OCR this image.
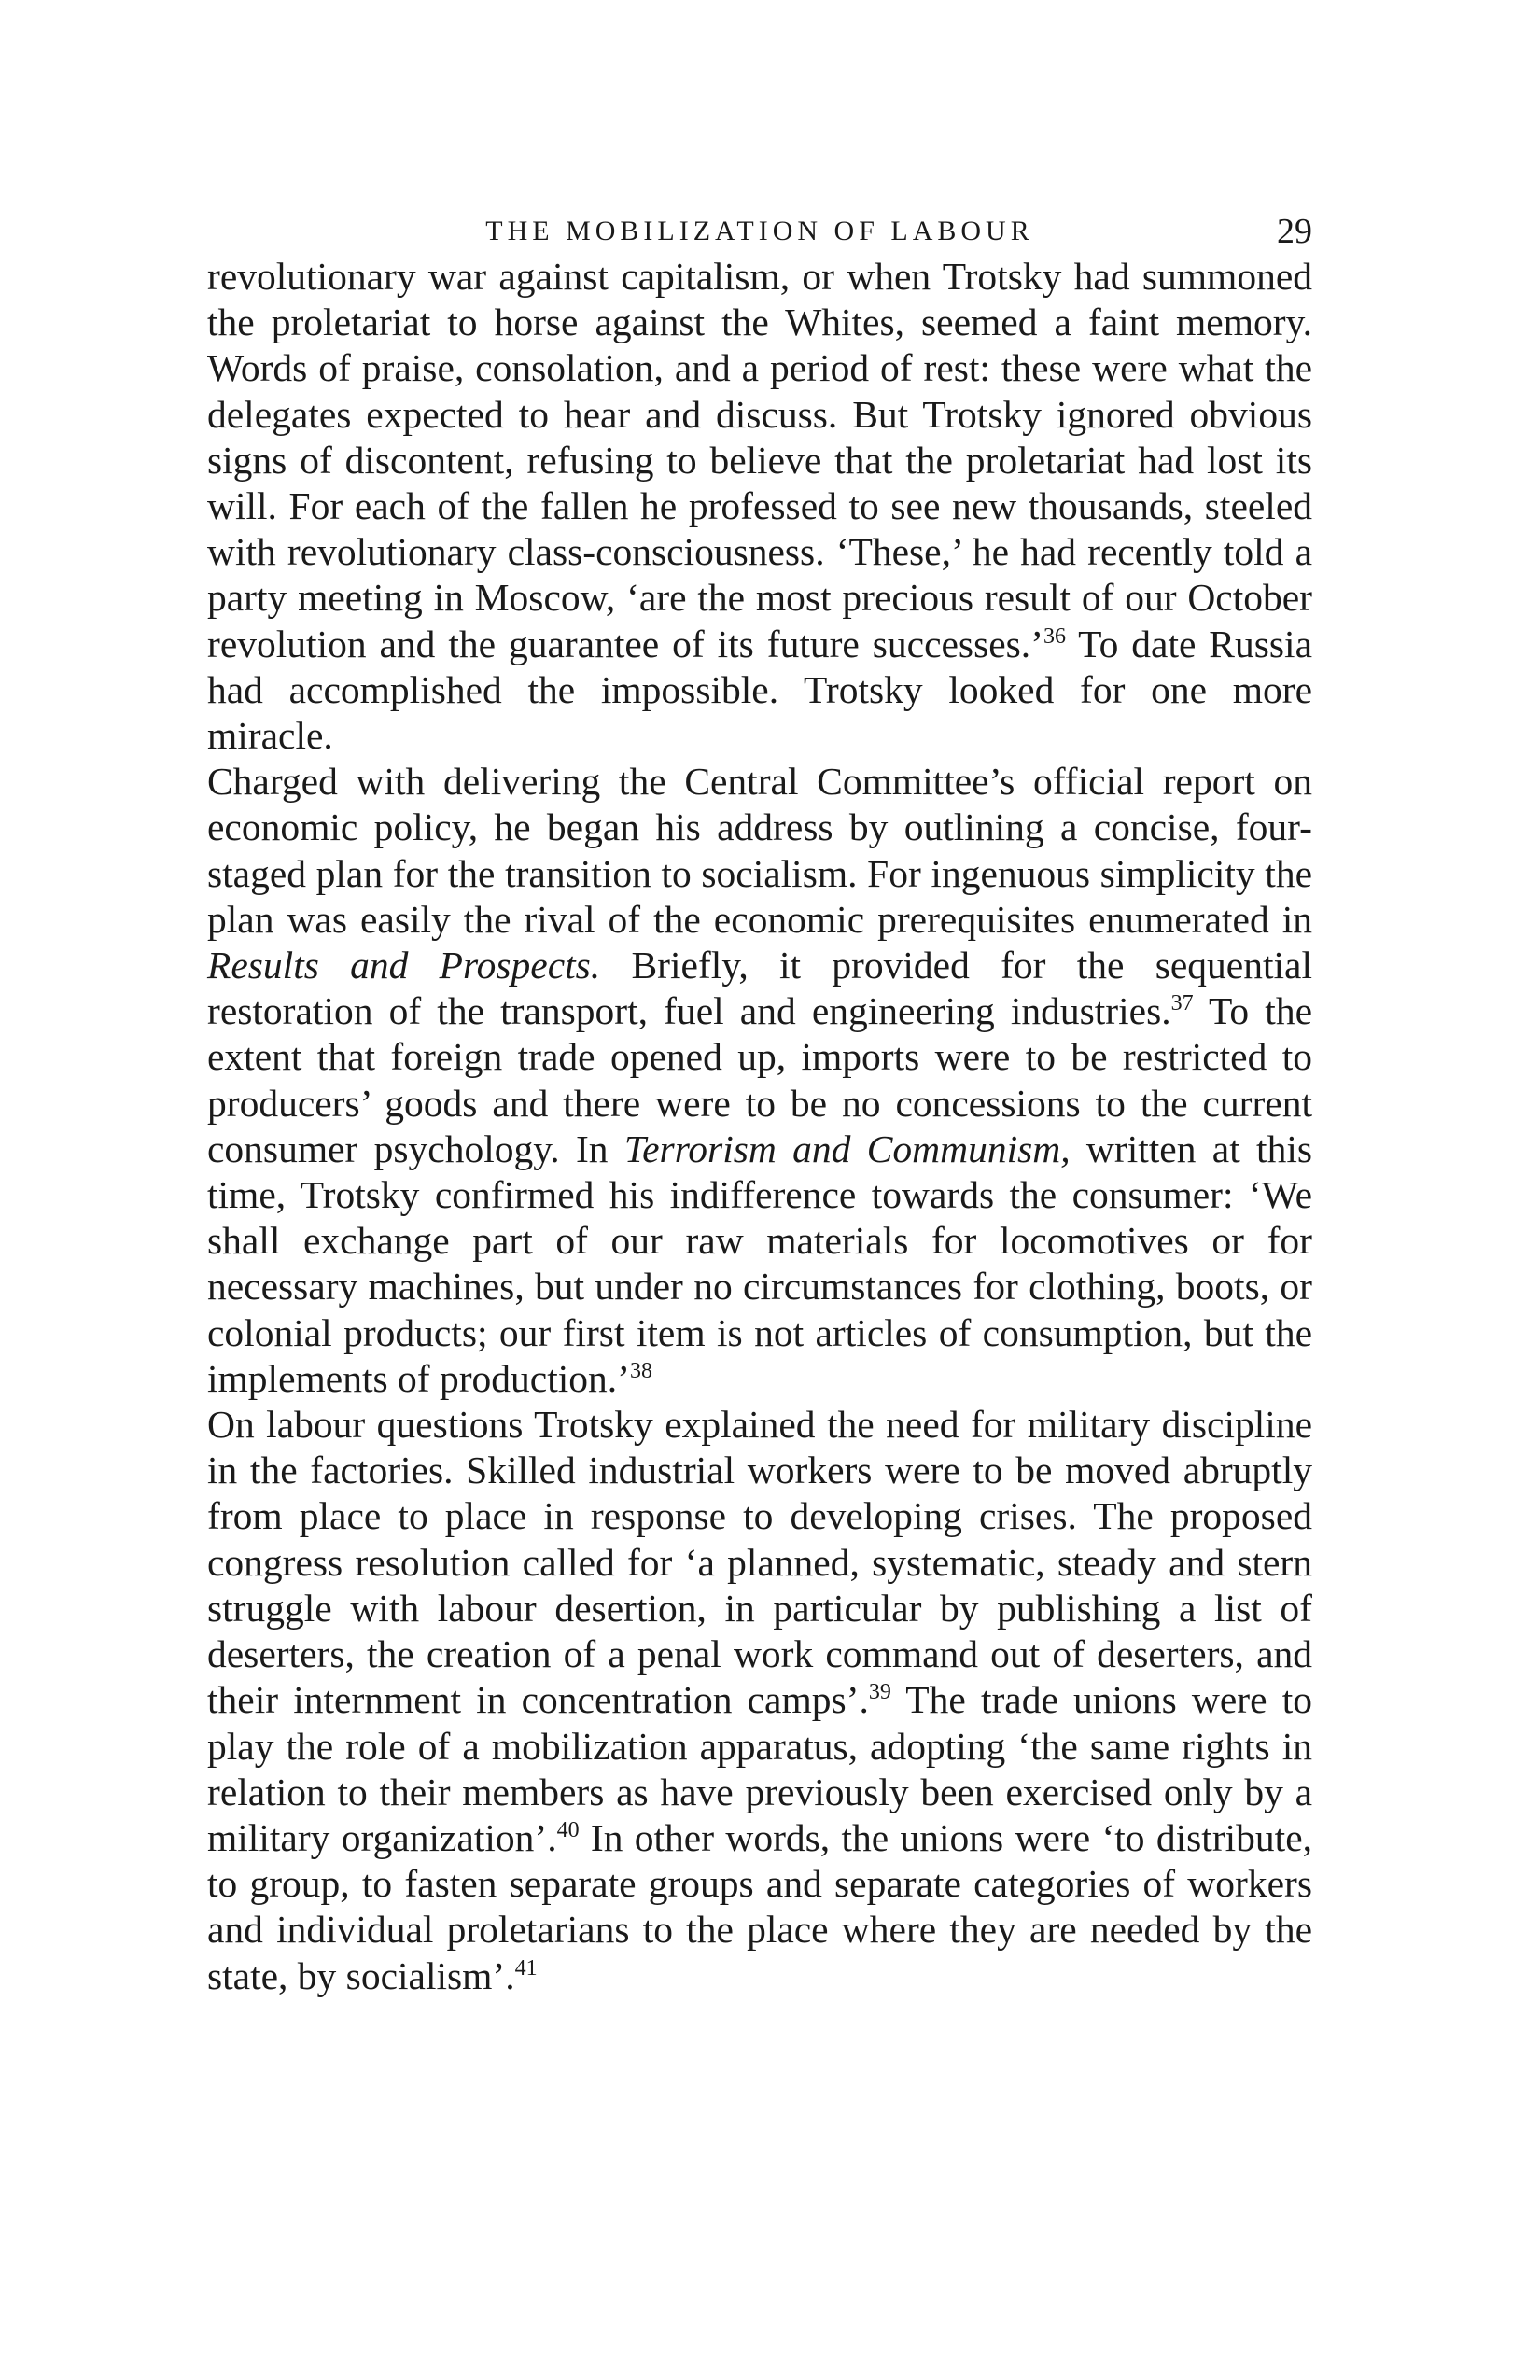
THE MOBILIZATION OF LABOUR	29

revolutionary war against capitalism, or when Trotsky had summoned the proletariat to horse against the Whites, seemed a faint memory. Words of praise, consolation, and a period of rest: these were what the delegates expected to hear and discuss. But Trotsky ignored obvious signs of discontent, refusing to believe that the proletariat had lost its will. For each of the fallen he professed to see new thousands, steeled with revolutionary class-consciousness. ‘These,’ he had recently told a party meeting in Moscow, ‘are the most precious result of our October revolution and the guarantee of its future successes.’$^{36}$ To date Russia had accomplished the impossible. Trotsky looked for one more miracle.

Charged with delivering the Central Committee’s official report on economic policy, he began his address by outlining a concise, four-staged plan for the transition to socialism. For ingenuous simplicity the plan was easily the rival of the economic prerequisites enumerated in Results and Prospects. Briefly, it provided for the sequential restoration of the transport, fuel and engineering industries.$^{37}$ To the extent that foreign trade opened up, imports were to be restricted to producers’ goods and there were to be no concessions to the current consumer psychology. In Terrorism and Communism, written at this time, Trotsky confirmed his indifference towards the consumer: ‘We shall exchange part of our raw materials for locomotives or for necessary machines, but under no circumstances for clothing, boots, or colonial products; our first item is not articles of consumption, but the implements of production.’$^{38}$

On labour questions Trotsky explained the need for military discipline in the factories. Skilled industrial workers were to be moved abruptly from place to place in response to developing crises. The proposed congress resolution called for ‘a planned, systematic, steady and stern struggle with labour desertion, in particular by publishing a list of deserters, the creation of a penal work command out of deserters, and their internment in concentration camps’.$^{39}$ The trade unions were to play the role of a mobilization apparatus, adopting ‘the same rights in relation to their members as have previously been exercised only by a military organization’.$^{40}$ In other words, the unions were ‘to distribute, to group, to fasten separate groups and separate categories of workers and individual proletarians to the place where they are needed by the state, by socialism’.$^{41}$
